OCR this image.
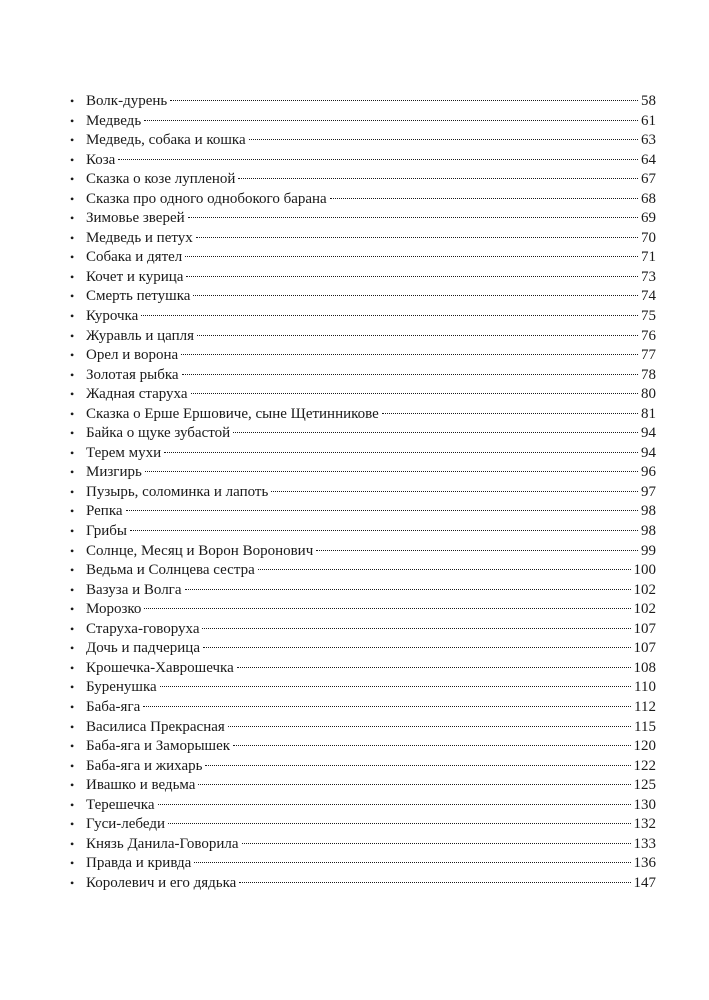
• Волк-дурень	58
• Медведь	61
• Медведь, собака и кошка	63
• Коза	64
• Сказка о козе лупленой	67
• Сказка про одного однобокого барана	68
• Зимовье зверей	69
• Медведь и петух	70
• Собака и дятел	71
• Кочет и курица	73
• Смерть петушка	74
• Курочка	75
• Журавль и цапля	76
• Орел и ворона	77
• Золотая рыбка	78
• Жадная старуха	80
• Сказка о Ерше Ершовиче, сыне Щетинникове	81
• Байка о щуке зубастой	94
• Терем мухи	94
• Мизгирь	96
• Пузырь, соломинка и лапоть	97
• Репка	98
• Грибы	98
• Солнце, Месяц и Ворон Воронович	99
• Ведьма и Солнцева сестра	100
• Вазуза и Волга	102
• Морозко	102
• Старуха-говоруха	107
• Дочь и падчерица	107
• Крошечка-Хаврошечка	108
• Буренушка	110
• Баба-яга	112
• Василиса Прекрасная	115
• Баба-яга и Заморышек	120
• Баба-яга и жихарь	122
• Ивашко и ведьма	125
• Терешечка	130
• Гуси-лебеди	132
• Князь Данила-Говорила	133
• Правда и кривда	136
• Королевич и его дядька	147
